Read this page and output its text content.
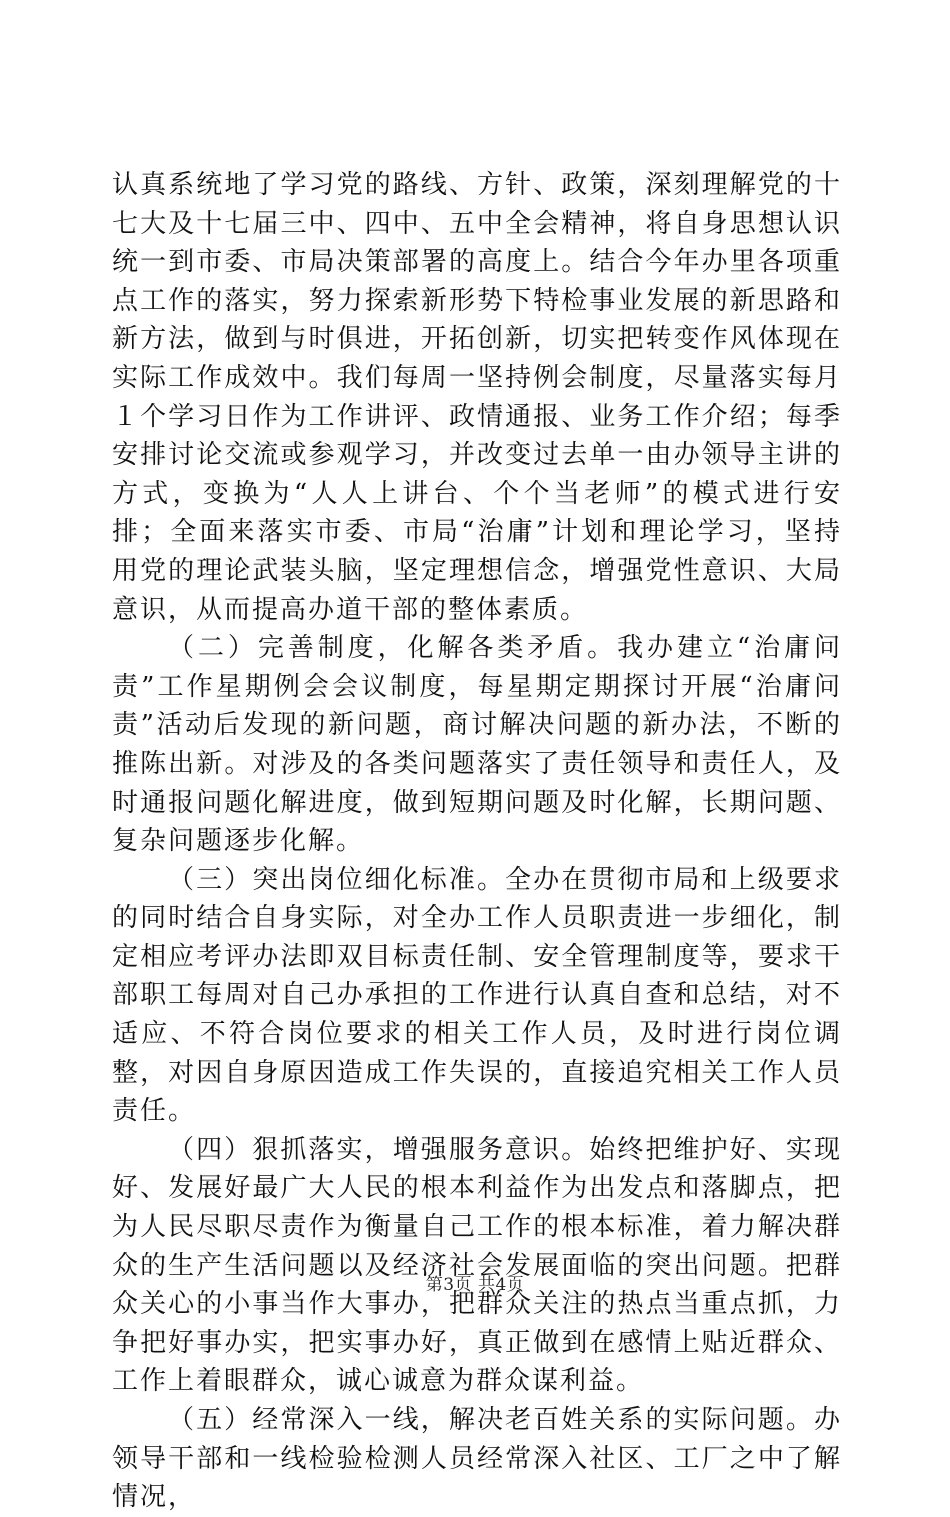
认真系统地了学习党的路线、方针、政策，深刻理解党的十七大及十七届三中、四中、五中全会精神，将自身思想认识统一到市委、市局决策部署的高度上。结合今年办里各项重点工作的落实，努力探索新形势下特检事业发展的新思路和新方法，做到与时俱进，开拓创新，切实把转变作风体现在实际工作成效中。我们每周一坚持例会制度，尽量落实每月１个学习日作为工作讲评、政情通报、业务工作介绍；每季安排讨论交流或参观学习，并改变过去单一由办领导主讲的方式，变换为“人人上讲台、个个当老师”的模式进行安排；全面来落实市委、市局“治庸”计划和理论学习，坚持用党的理论武装头脑，坚定理想信念，增强党性意识、大局意识，从而提高办道干部的整体素质。

（二）完善制度，化解各类矛盾。我办建立“治庸问责”工作星期例会会议制度，每星期定期探讨开展“治庸问责”活动后发现的新问题，商讨解决问题的新办法，不断的推陈出新。对涉及的各类问题落实了责任领导和责任人，及时通报问题化解进度，做到短期问题及时化解，长期问题、复杂问题逐步化解。

（三）突出岗位细化标准。全办在贯彻市局和上级要求的同时结合自身实际，对全办工作人员职责进一步细化，制定相应考评办法即双目标责任制、安全管理制度等，要求干部职工每周对自己办承担的工作进行认真自查和总结，对不适应、不符合岗位要求的相关工作人员，及时进行岗位调整，对因自身原因造成工作失误的，直接追究相关工作人员责任。

（四）狠抓落实，增强服务意识。始终把维护好、实现好、发展好最广大人民的根本利益作为出发点和落脚点，把为人民尽职尽责作为衡量自己工作的根本标准，着力解决群众的生产生活问题以及经济社会发展面临的突出问题。把群众关心的小事当作大事办，把群众关注的热点当重点抓，力争把好事办实，把实事办好，真正做到在感情上贴近群众、工作上着眼群众，诚心诚意为群众谋利益。

（五）经常深入一线，解决老百姓关系的实际问题。办领导干部和一线检验检测人员经常深入社区、工厂之中了解情况，

第3页 共4页
